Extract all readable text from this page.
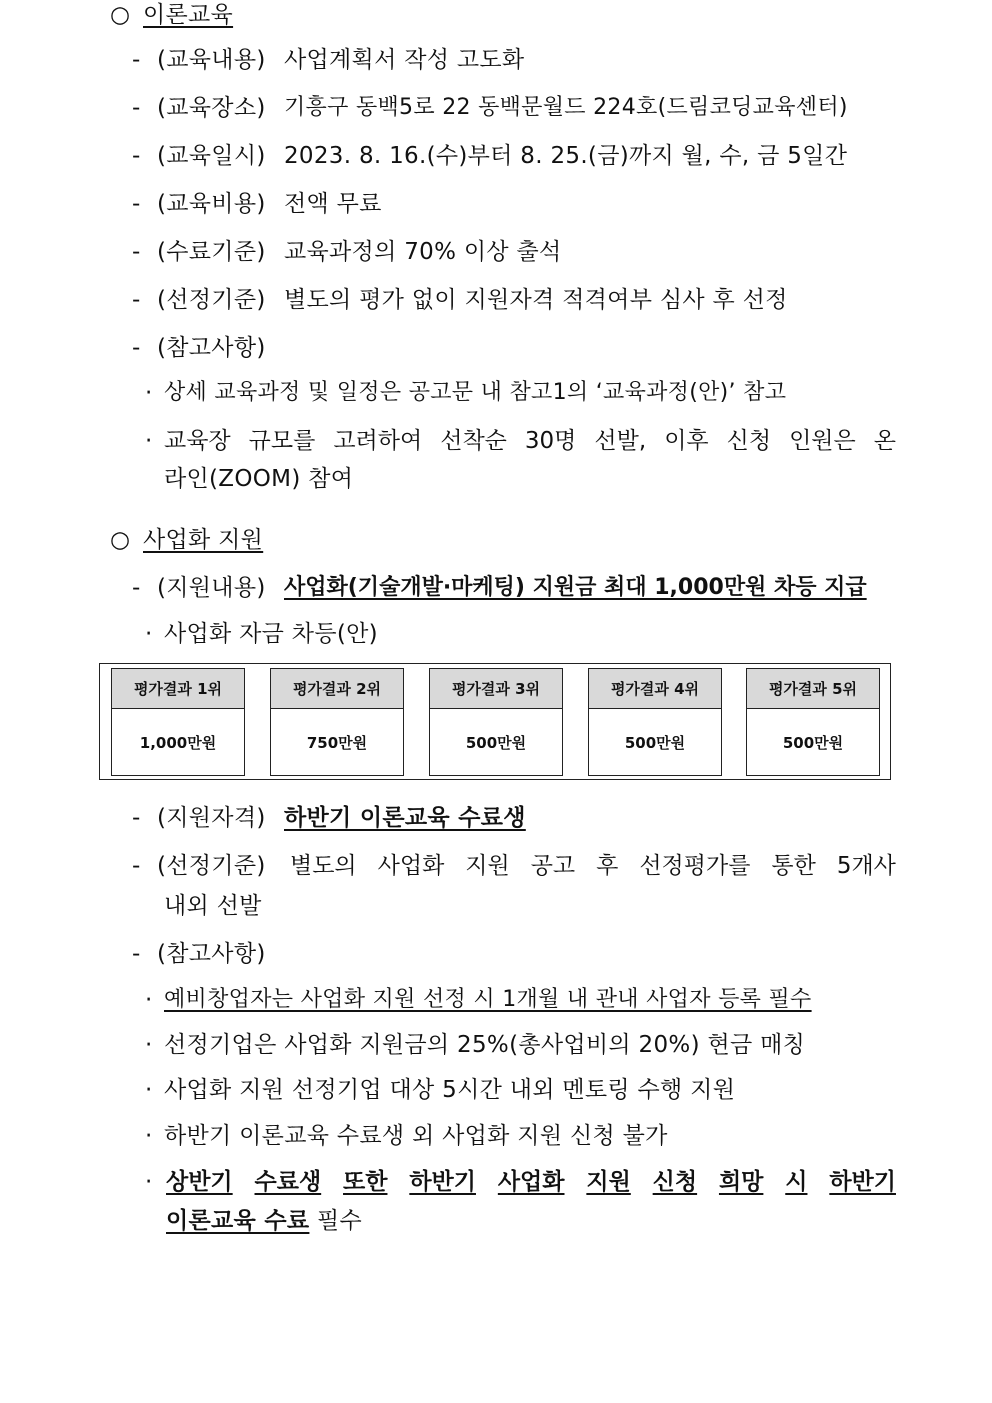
○ 이론교육
- (교육내용) 사업계획서 작성 고도화
- (교육장소) 기흥구 동백5로 22 동백문월드 224호(드림코딩교육센터)
- (교육일시) 2023. 8. 16.(수)부터 8. 25.(금)까지 월, 수, 금 5일간
- (교육비용) 전액 무료
- (수료기준) 교육과정의 70% 이상 출석
- (선정기준) 별도의 평가 없이 지원자격 적격여부 심사 후 선정
- (참고사항)
· 상세 교육과정 및 일정은 공고문 내 참고1의 ‘교육과정(안)’ 참고
· 교육장 규모를 고려하여 선착순 30명 선발, 이후 신청 인원은 온
라인(ZOOM) 참여
○ 사업화 지원
- (지원내용) 사업화(기술개발·마케팅) 지원금 최대 1,000만원 차등 지급
· 사업화 자금 차등(안)
평가결과 1위
1,000만원
평가결과 2위
750만원
평가결과 3위
500만원
평가결과 4위
500만원
평가결과 5위
500만원
- (지원자격) 하반기 이론교육 수료생
- (선정기준) 별도의 사업화 지원 공고 후 선정평가를 통한 5개사
내외 선발
- (참고사항)
· 예비창업자는 사업화 지원 선정 시 1개월 내 관내 사업자 등록 필수
· 선정기업은 사업화 지원금의 25%(총사업비의 20%) 현금 매칭
· 사업화 지원 선정기업 대상 5시간 내외 멘토링 수행 지원
· 하반기 이론교육 수료생 외 사업화 지원 신청 불가
· 상반기 수료생 또한 하반기 사업화 지원 신청 희망 시 하반기
이론교육 수료 필수
